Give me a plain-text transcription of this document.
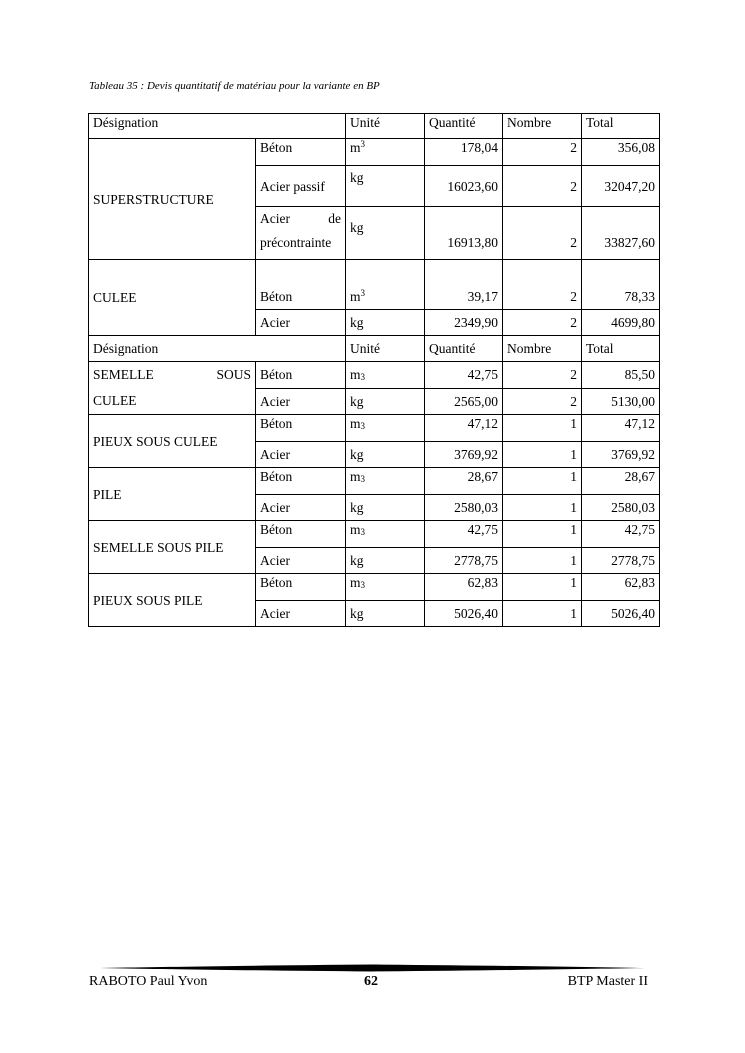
Tableau 35 : Devis quantitatif de matériau pour la variante en BP
Désignation		Unité	Quantité	Nombre	Total
SUPERSTRUCTURE	Béton	$m^3$	178,04	2	356,08
	Acier passif	kg	16023,60	2	32047,20

	Acier de
précontrainte	kg	16913,80	2	33827,60
CULEE	Béton	$m^3$	39,17	2	78,33
	Acier	kg	2349,90	2	4699,80
Désignation		Unité	Quantité	Nombre	Total

SEMELLE SOUS
CULEE	Béton	$m_3$	42,75	2	85,50
	Acier	kg	2565,00	2	5130,00
PIEUX SOUS CULEE	Béton	$m_3$	47,12	1	47,12
	Acier	kg	3769,92	1	3769,92
PILE	Béton	$m_3$	28,67	1	28,67
	Acier	kg	2580,03	1	2580,03
SEMELLE SOUS PILE	Béton	$m_3$	42,75	1	42,75
	Acier	kg	2778,75	1	2778,75
PIEUX SOUS PILE	Béton	$m_3$	62,83	1	62,83
	Acier	kg	5026,40	1	5026,40
RABOTO Paul Yvon	62	BTP Master II
